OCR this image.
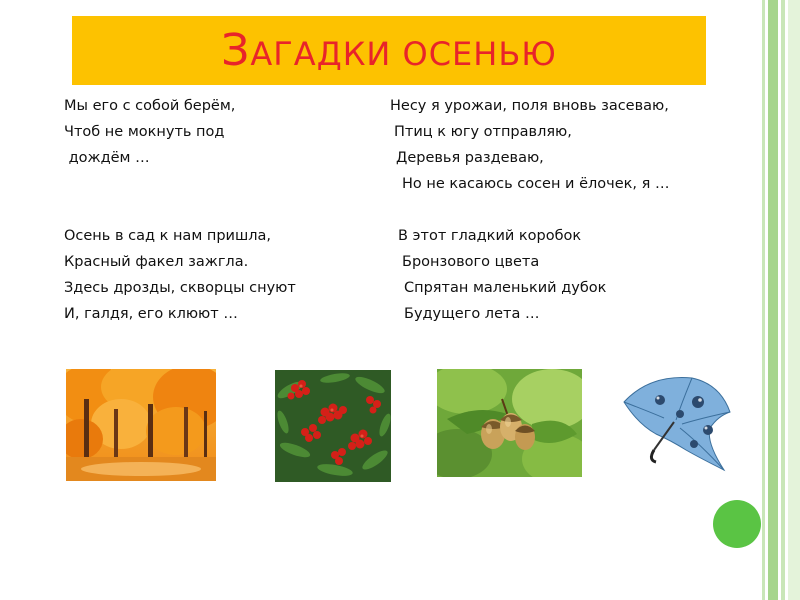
ЗАГАДКИ ОСЕНЬЮ
Мы его с собой берём,
Чтоб не мокнуть под
дождём …
Несу я урожаи, поля вновь засеваю,
Птиц к югу отправляю,
Деревья раздеваю,
Но не касаюсь сосен и ёлочек, я …
Осень в сад к нам пришла,
Красный факел зажгла.
Здесь дрозды, скворцы снуют
И, галдя, его клюют …
В этот гладкий коробок
Бронзового цвета
Спрятан маленький дубок
Будущего лета …
